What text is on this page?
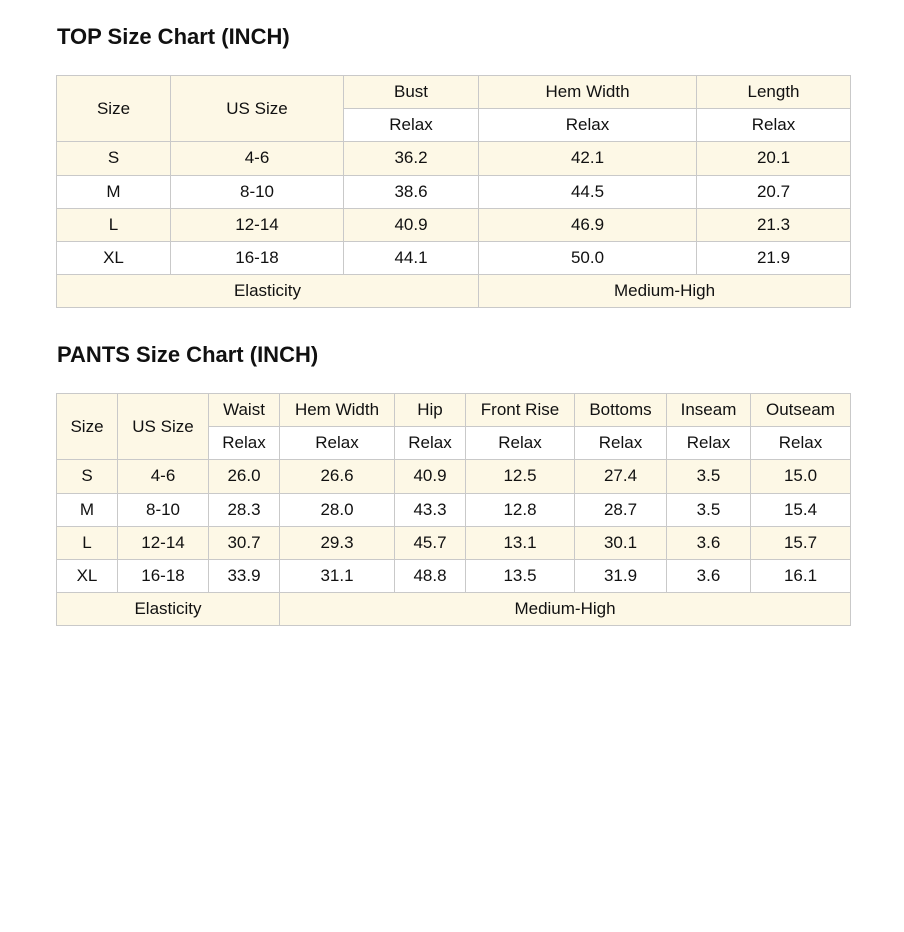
TOP Size Chart (INCH)
Size	US Size	Bust	Hem Width	Length
		Relax	Relax	Relax
S	4-6	36.2	42.1	20.1
M	8-10	38.6	44.5	20.7
L	12-14	40.9	46.9	21.3
XL	16-18	44.1	50.0	21.9
Elasticity			Medium-High	
PANTS Size Chart (INCH)
Size	US Size	Waist	Hem Width	Hip	Front Rise	Bottoms	Inseam	Outseam
		Relax	Relax	Relax	Relax	Relax	Relax	Relax
S	4-6	26.0	26.6	40.9	12.5	27.4	3.5	15.0
M	8-10	28.3	28.0	43.3	12.8	28.7	3.5	15.4
L	12-14	30.7	29.3	45.7	13.1	30.1	3.6	15.7
XL	16-18	33.9	31.1	48.8	13.5	31.9	3.6	16.1
Elasticity			Medium-High					
